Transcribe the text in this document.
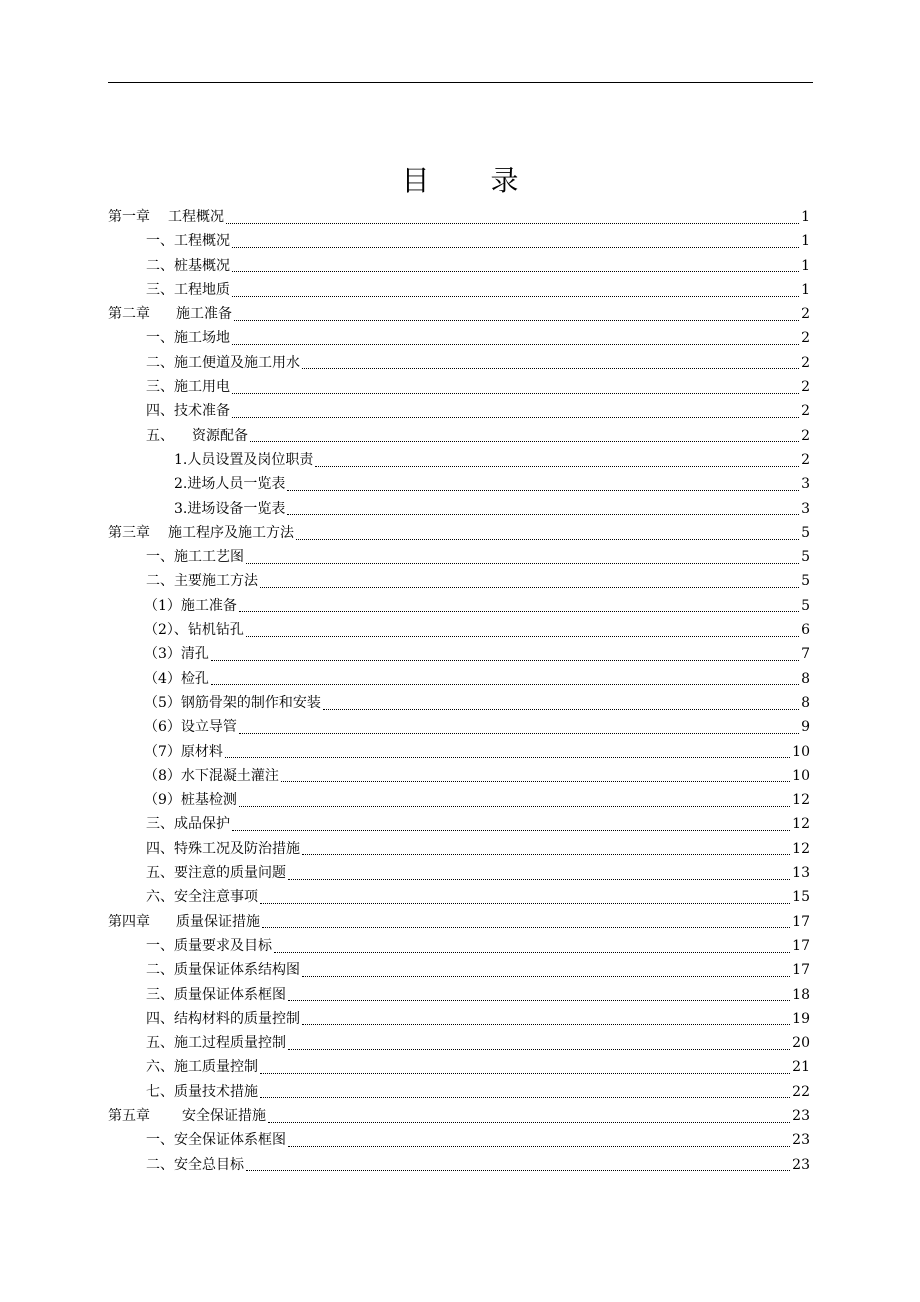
目 录
第一章 工程概况	1
一、工程概况	1
二、桩基概况	1
三、工程地质	1
第二章 施工准备	2
一、施工场地	2
二、施工便道及施工用水	2
三、施工用电	2
四、技术准备	2
五、 资源配备	2
1.人员设置及岗位职责	2
2.进场人员一览表	3
3.进场设备一览表	3
第三章 施工程序及施工方法	5
一、施工工艺图	5
二、主要施工方法	5
（1）施工准备	5
（2）、钻机钻孔	6
（3）清孔	7
（4）检孔	8
（5）钢筋骨架的制作和安装	8
（6）设立导管	9
（7）原材料	10
（8）水下混凝土灌注	10
（9）桩基检测	12
三、成品保护	12
四、特殊工况及防治措施	12
五、要注意的质量问题	13
六、安全注意事项	15
第四章 质量保证措施	17
一、质量要求及目标	17
二、质量保证体系结构图	17
三、质量保证体系框图	18
四、结构材料的质量控制	19
五、施工过程质量控制	20
六、施工质量控制	21
七、质量技术措施	22
第五章 安全保证措施	23
一、安全保证体系框图	23
二、安全总目标	23
